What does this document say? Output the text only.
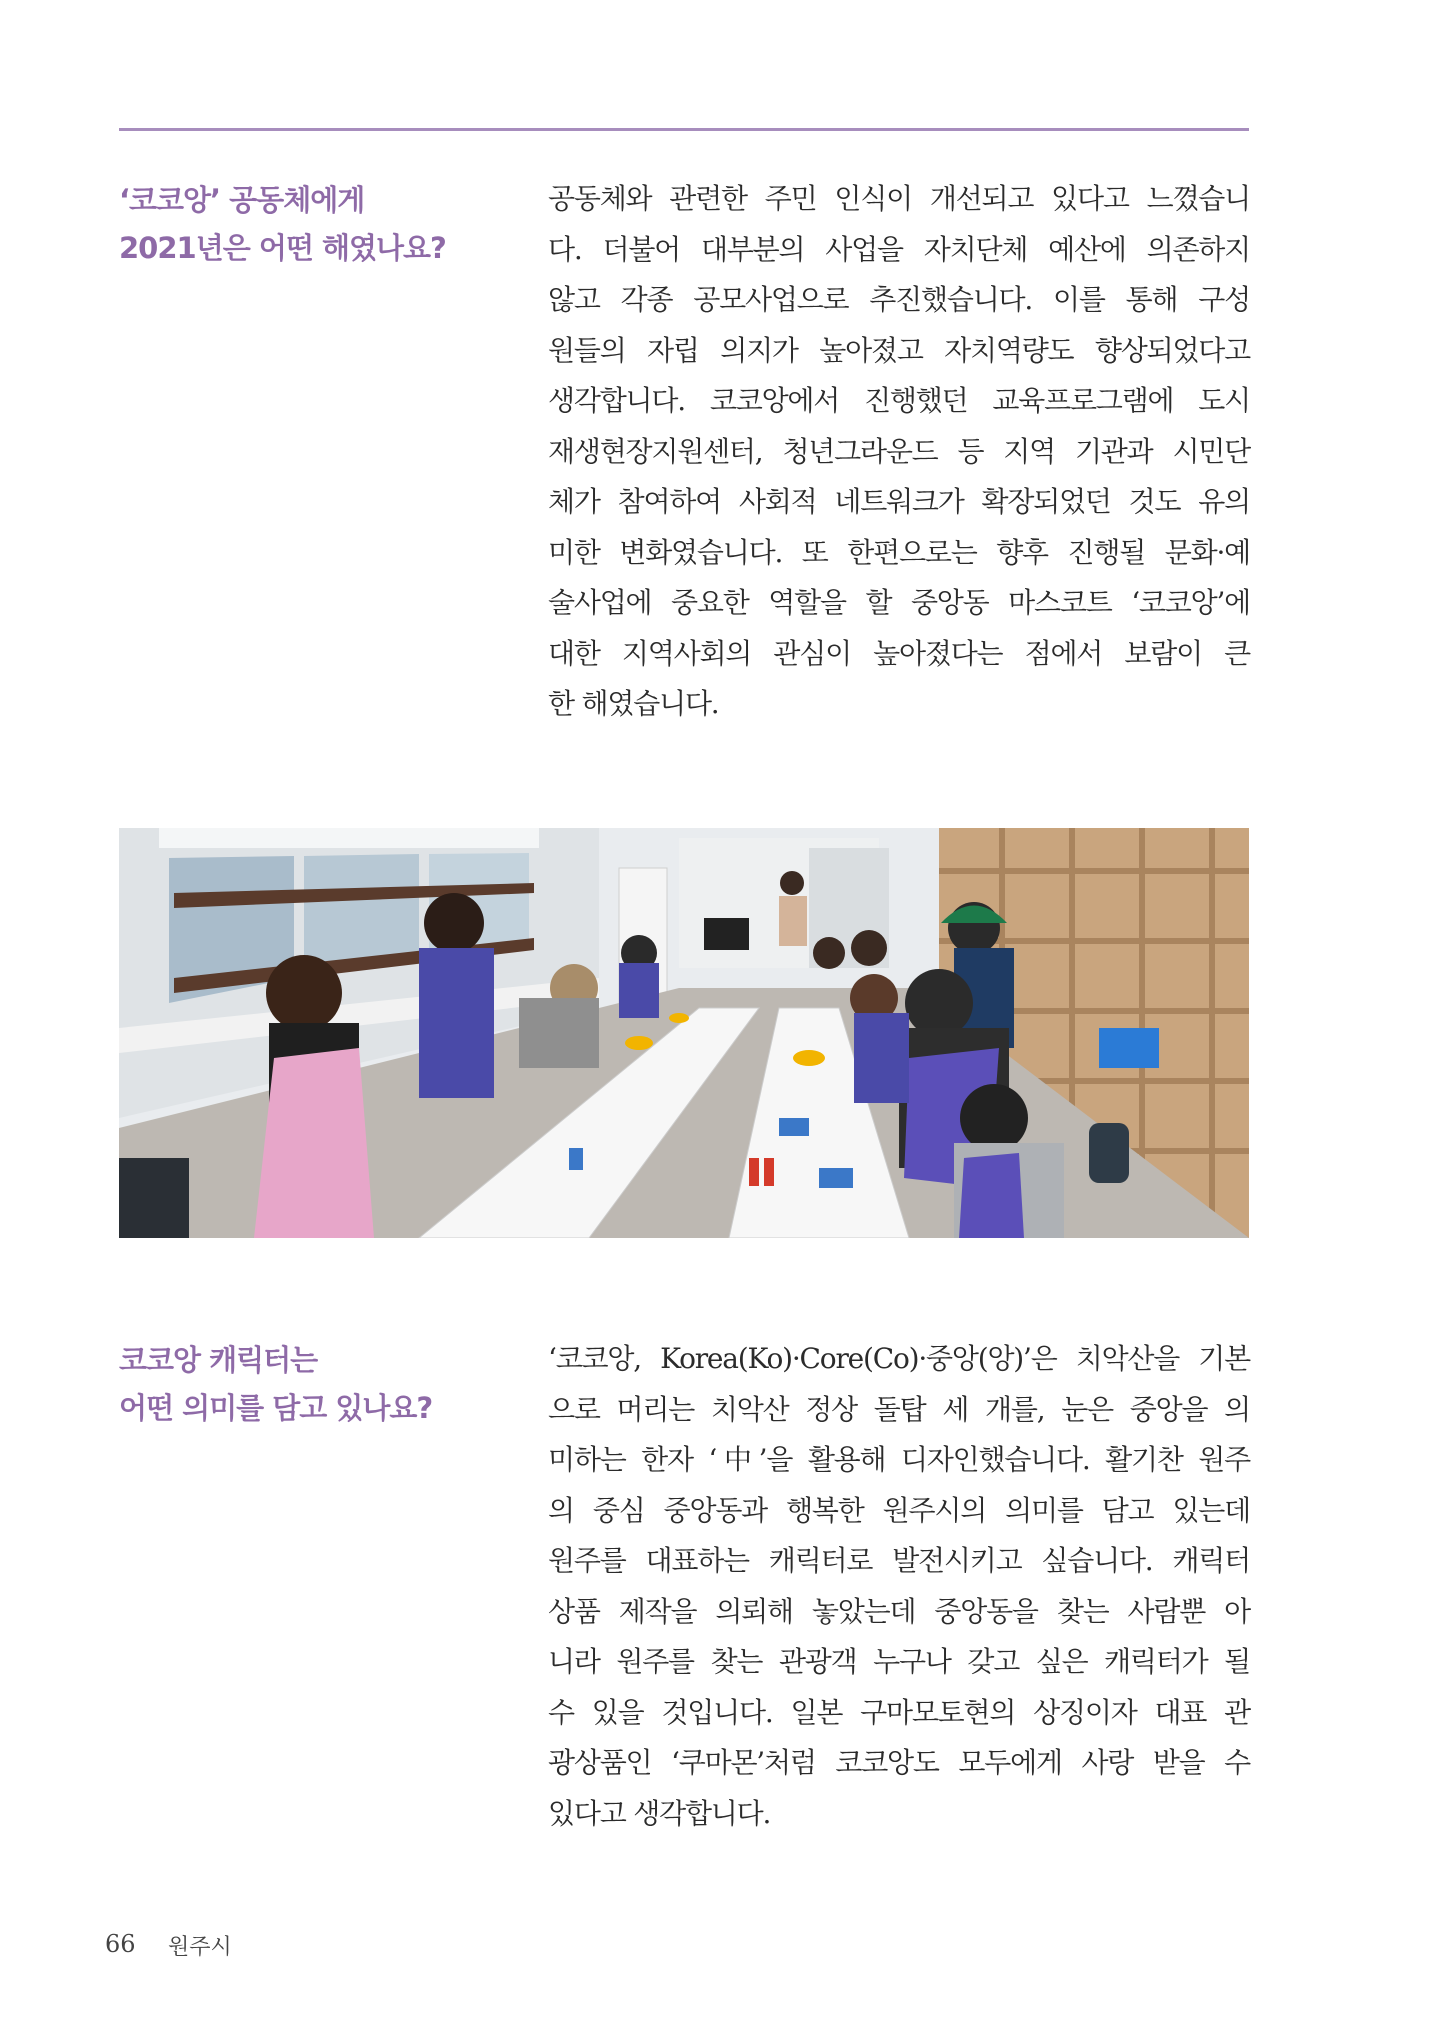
‘코코앙’ 공동체에게
2021년은 어떤 해였나요?
공동체와 관련한 주민 인식이 개선되고 있다고 느꼈습니
다. 더불어 대부분의 사업을 자치단체 예산에 의존하지
않고 각종 공모사업으로 추진했습니다. 이를 통해 구성
원들의 자립 의지가 높아졌고 자치역량도 향상되었다고
생각합니다. 코코앙에서 진행했던 교육프로그램에 도시
재생현장지원센터, 청년그라운드 등 지역 기관과 시민단
체가 참여하여 사회적 네트워크가 확장되었던 것도 유의
미한 변화였습니다. 또 한편으로는 향후 진행될 문화·예
술사업에 중요한 역할을 할 중앙동 마스코트 ‘코코앙’에
대한 지역사회의 관심이 높아졌다는 점에서 보람이 큰
한 해였습니다.
코코앙 캐릭터는
어떤 의미를 담고 있나요?
‘코코앙, Korea(Ko)·Core(Co)·중앙(앙)’은 치악산을 기본
으로 머리는 치악산 정상 돌탑 세 개를, 눈은 중앙을 의
미하는 한자 ‘中’을 활용해 디자인했습니다. 활기찬 원주
의 중심 중앙동과 행복한 원주시의 의미를 담고 있는데
원주를 대표하는 캐릭터로 발전시키고 싶습니다. 캐릭터
상품 제작을 의뢰해 놓았는데 중앙동을 찾는 사람뿐 아
니라 원주를 찾는 관광객 누구나 갖고 싶은 캐릭터가 될
수 있을 것입니다. 일본 구마모토현의 상징이자 대표 관
광상품인 ‘쿠마몬’처럼 코코앙도 모두에게 사랑 받을 수
있다고 생각합니다.
66 원주시
